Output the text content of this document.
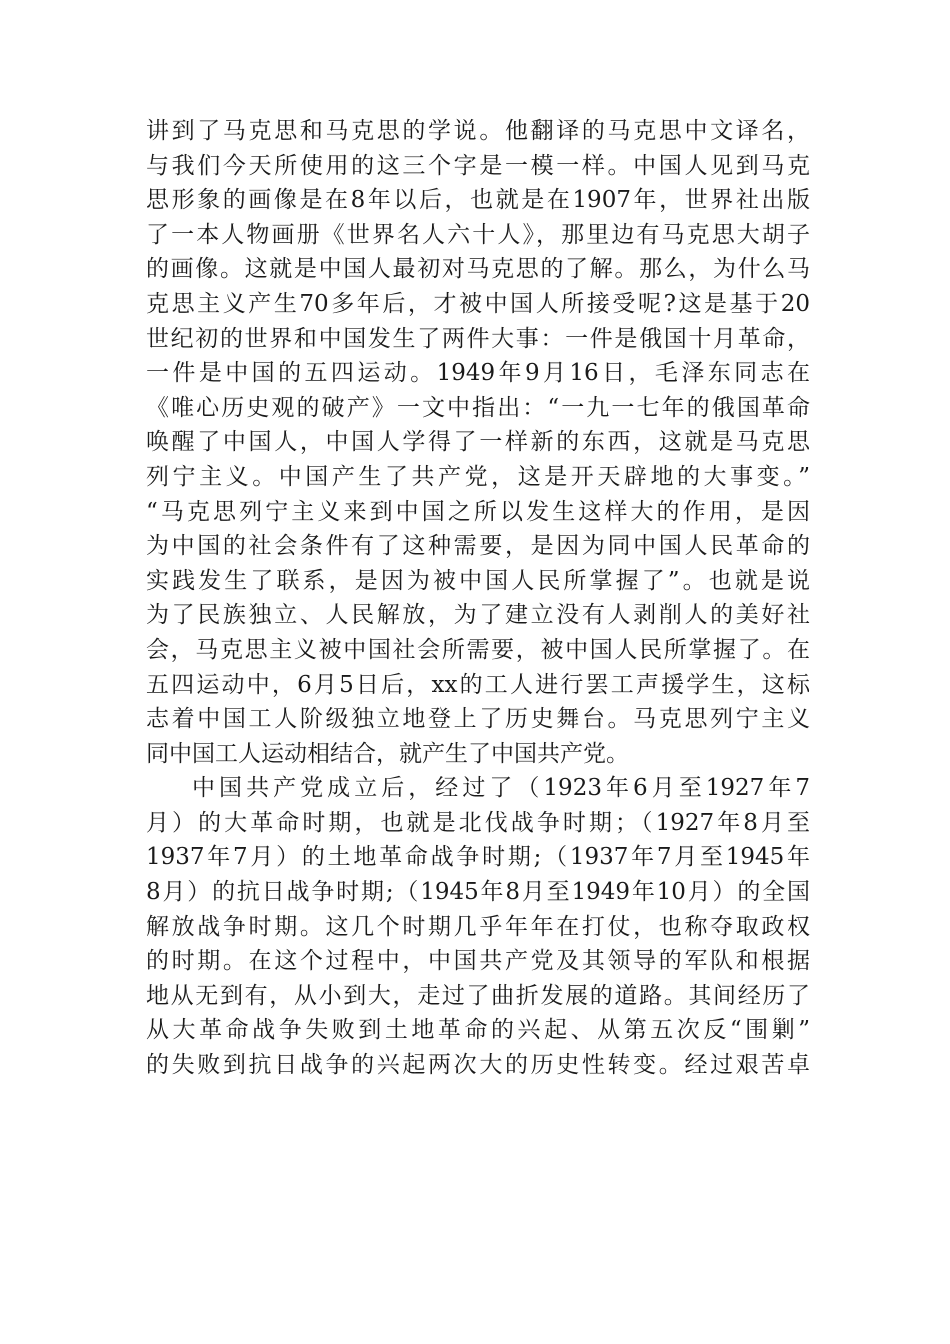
讲到了马克思和马克思的学说。他翻译的马克思中文译名，
与我们今天所使用的这三个字是一模一样。中国人见到马克
思形象的画像是在8年以后，也就是在1907年，世界社出版
了一本人物画册《世界名人六十人》，那里边有马克思大胡子
的画像。这就是中国人最初对马克思的了解。那么，为什么马
克思主义产生70多年后，才被中国人所接受呢?这是基于20
世纪初的世界和中国发生了两件大事：一件是俄国十月革命，
一件是中国的五四运动。1949年9月16日，毛泽东同志在
《唯心历史观的破产》一文中指出：“一九一七年的俄国革命
唤醒了中国人，中国人学得了一样新的东西，这就是马克思
列宁主义。中国产生了共产党，这是开天辟地的大事变。”
“马克思列宁主义来到中国之所以发生这样大的作用，是因
为中国的社会条件有了这种需要，是因为同中国人民革命的
实践发生了联系，是因为被中国人民所掌握了”。也就是说
为了民族独立、人民解放，为了建立没有人剥削人的美好社
会，马克思主义被中国社会所需要，被中国人民所掌握了。在
五四运动中，6月5日后，xx的工人进行罢工声援学生，这标
志着中国工人阶级独立地登上了历史舞台。马克思列宁主义
同中国工人运动相结合，就产生了中国共产党。
中国共产党成立后，经过了（1923年6月至1927年7
月）的大革命时期，也就是北伐战争时期；（1927年8月至
1937年7月）的土地革命战争时期;（1937年7月至1945年
8月）的抗日战争时期;（1945年8月至1949年10月）的全国
解放战争时期。这几个时期几乎年年在打仗，也称夺取政权
的时期。在这个过程中，中国共产党及其领导的军队和根据
地从无到有，从小到大，走过了曲折发展的道路。其间经历了
从大革命战争失败到土地革命的兴起、从第五次反“围剿”
的失败到抗日战争的兴起两次大的历史性转变。经过艰苦卓
